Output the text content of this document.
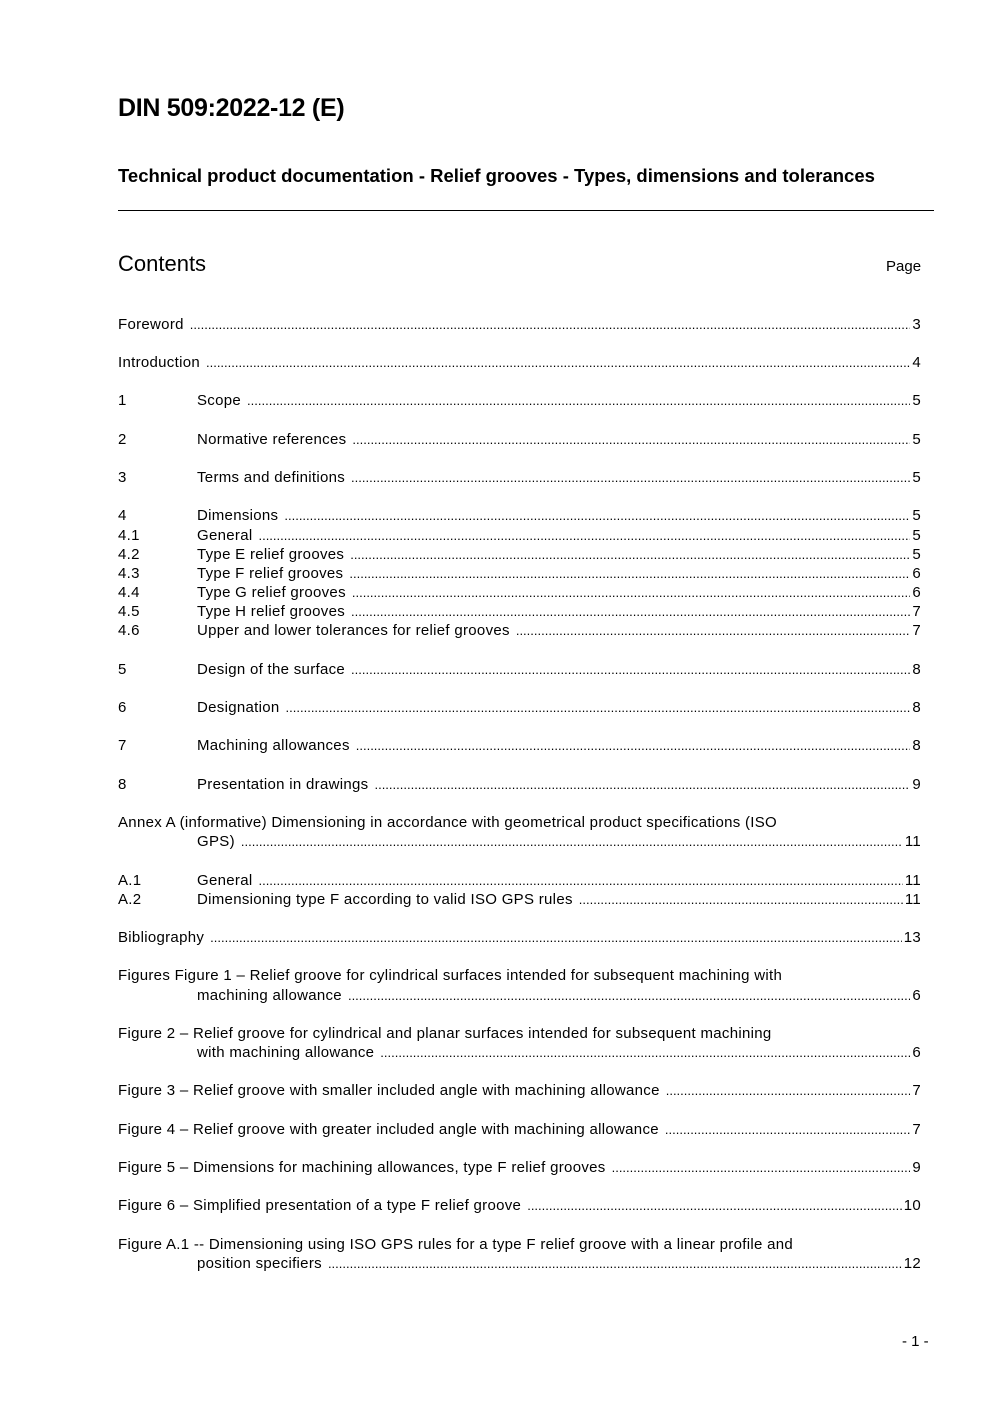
DIN 509:2022-12 (E)
Technical product documentation - Relief grooves - Types, dimensions and tolerances
Contents	Page
Foreword .....	3
Introduction .....	4
1	Scope .....	5
2	Normative references .....	5
3	Terms and definitions .....	5
4	Dimensions .....	5
4.1	General .....	5
4.2	Type E relief grooves .....	5
4.3	Type F relief grooves .....	6
4.4	Type G relief grooves .....	6
4.5	Type H relief grooves .....	7
4.6	Upper and lower tolerances for relief grooves .....	7
5	Design of the surface .....	8
6	Designation .....	8
7	Machining allowances .....	8
8	Presentation in drawings .....	9
Annex A (informative) Dimensioning in accordance with geometrical product specifications (ISO
GPS) .....	11
A.1	General .....	11
A.2	Dimensioning type F according to valid ISO GPS rules .....	11
Bibliography .....	13
Figures Figure 1 – Relief groove for cylindrical surfaces intended for subsequent machining with
machining allowance .....	6
Figure 2 – Relief groove for cylindrical and planar surfaces intended for subsequent machining
with machining allowance .....	6
Figure 3 – Relief groove with smaller included angle with machining allowance .....	7
Figure 4 – Relief groove with greater included angle with machining allowance .....	7
Figure 5 – Dimensions for machining allowances, type F relief grooves .....	9
Figure 6 – Simplified presentation of a type F relief groove .....	10
Figure A.1 -- Dimensioning using ISO GPS rules for a type F relief groove with a linear profile and
position specifiers .....	12
- 1 -
